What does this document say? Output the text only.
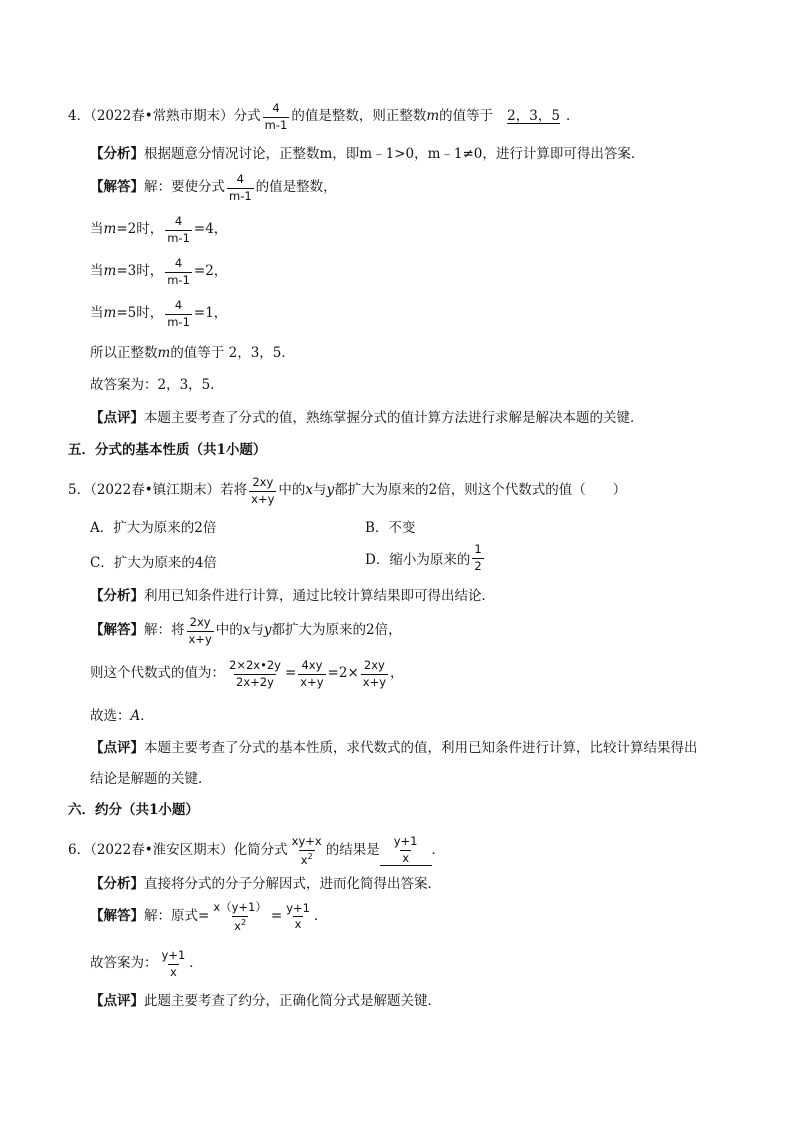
4．（2022春•常熟市期末）分式 $\frac{4}{m-1}$ 的值是整数，则正整数 m 的值等于	2，3，5 ．
【分析】 根据题意分情况讨论，正整数m，即m﹣1>0，m﹣1≠0，进行计算即可得出答案．
【解答】 解：要使分式 $\frac{4}{m-1}$ 的值是整数，
当 m =2时， $\frac{4}{m-1} =4$，
当 m =3时， $\frac{4}{m-1} =2$，
当 m =5时， $\frac{4}{m-1} =1$，
所以正整数 m 的值等于 2，3，5．
故答案为：2，3，5．
【点评】 本题主要考查了分式的值，熟练掌握分式的值计算方法进行求解是解决本题的关键．
五．分式的基本性质（共1小题）
5．（2022春•镇江期末）若将 $\frac{2xy}{x+y}$ 中的 x 与 y 都扩大为原来的2倍，则这个代数式的值（　　）
A．扩大为原来的2倍	B．不变
C．扩大为原来的4倍	D．缩小为原来的 $\frac{1}{2}$
【分析】 利用已知条件进行计算，通过比较计算结果即可得出结论．
【解答】 解：将 $\frac{2xy}{x+y}$ 中的 x 与 y 都扩大为原来的2倍，
则这个代数式的值为： $\frac{2\times 2x•2y}{2x+2y} = \frac{4xy}{x+y} =2\times \frac{2xy}{x+y}$ ，
故选： A ．
【点评】 本题主要考查了分式的基本性质，求代数式的值，利用已知条件进行计算，比较计算结果得出
结论是解题的关键．
六．约分（共1小题）
6．（2022春•淮安区期末）化简分式 $\frac{xy+x}{x^2}$ 的结果是 $\frac{y+1}{x}$ ．
【分析】 直接将分式的分子分解因式，进而化简得出答案．
【解答】 解：原式= $\frac{x(y+1)}{x^2} = \frac{y+1}{x}$ ．
故答案为： $\frac{y+1}{x}$ ．
【点评】 此题主要考查了约分，正确化简分式是解题关键．
